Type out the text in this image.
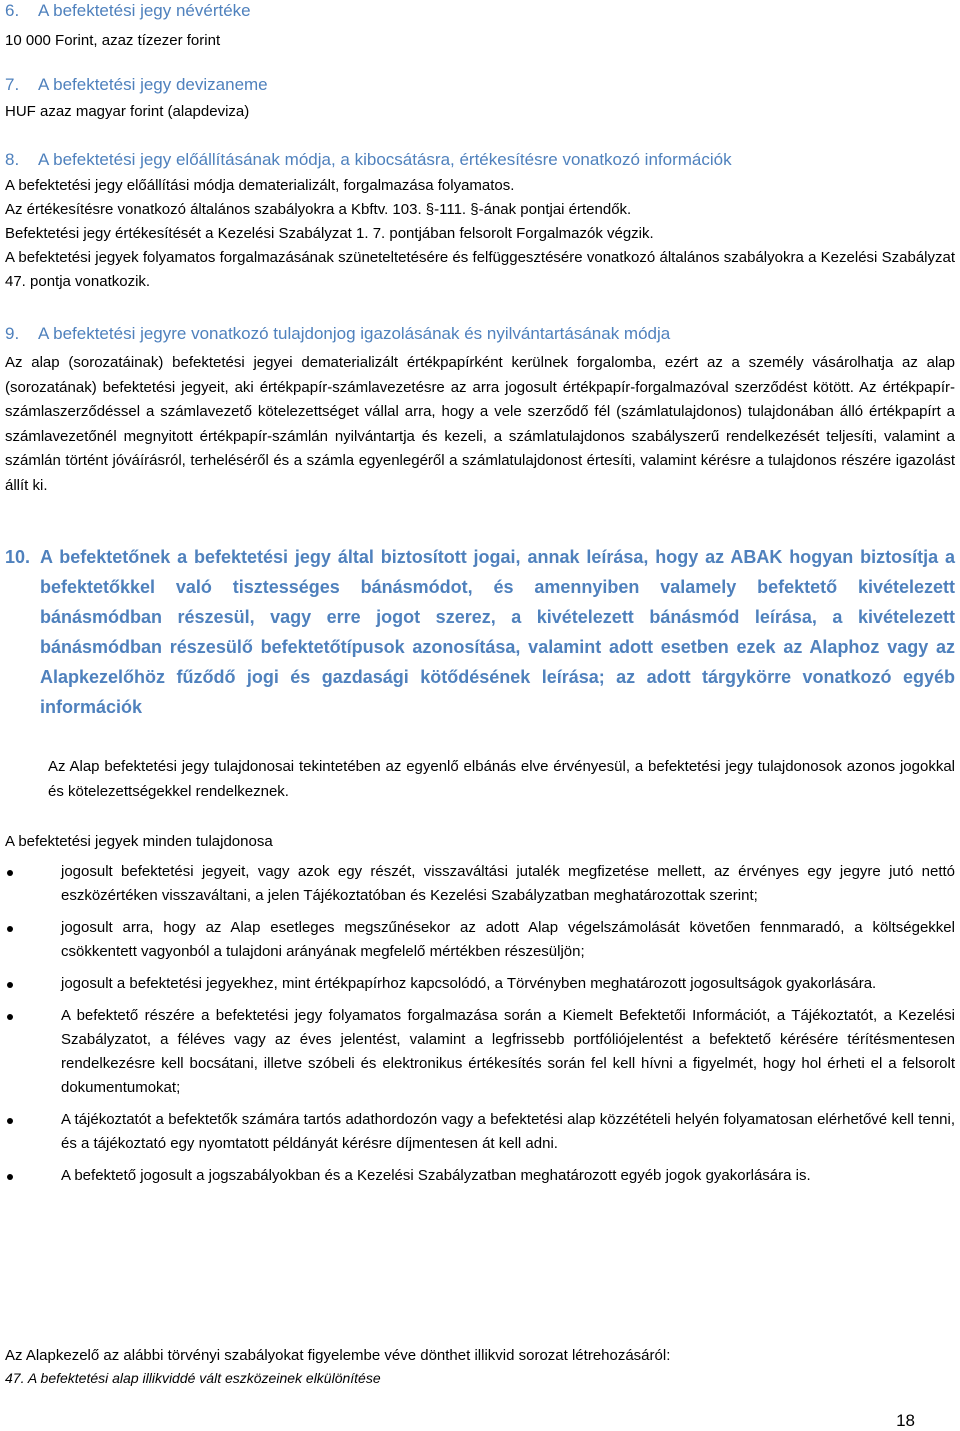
6. A befektetési jegy névértéke

10 000 Forint, azaz tízezer forint

7. A befektetési jegy devizaneme

HUF azaz magyar forint (alapdeviza)

8. A befektetési jegy előállításának módja, a kibocsátásra, értékesítésre vonatkozó információk

A befektetési jegy előállítási módja dematerializált, forgalmazása folyamatos.

Az értékesítésre vonatkozó általános szabályokra a Kbftv. 103. §-111. §-ának pontjai értendők.

Befektetési jegy értékesítését a Kezelési Szabályzat 1. 7. pontjában felsorolt Forgalmazók végzik.

A befektetési jegyek folyamatos forgalmazásának szüneteltetésére és felfüggesztésére vonatkozó általános szabályokra a Kezelési Szabályzat 47. pontja vonatkozik.

9. A befektetési jegyre vonatkozó tulajdonjog igazolásának és nyilvántartásának módja

Az alap (sorozatáinak) befektetési jegyei dematerializált értékpapírként kerülnek forgalomba, ezért az a személy vásárolhatja az alap (sorozatának) befektetési jegyeit, aki értékpapír-számlavezetésre az arra jogosult értékpapír-forgalmazóval szerződést kötött. Az értékpapír-számlaszerződéssel a számlavezető kötelezettséget vállal arra, hogy a vele szerződő fél (számlatulajdonos) tulajdonában álló értékpapírt a számlavezetőnél megnyitott értékpapír-számlán nyilvántartja és kezeli, a számlatulajdonos szabályszerű rendelkezését teljesíti, valamint a számlán történt jóváírásról, terheléséről és a számla egyenlegéről a számlatulajdonost értesíti, valamint kérésre a tulajdonos részére igazolást állít ki.

10. A befektetőnek a befektetési jegy által biztosított jogai, annak leírása, hogy az ABAK hogyan biztosítja a befektetőkkel való tisztességes bánásmódot, és amennyiben valamely befektető kivételezett bánásmódban részesül, vagy erre jogot szerez, a kivételezett bánásmód leírása, a kivételezett bánásmódban részesülő befektetőtípusok azonosítása, valamint adott esetben ezek az Alaphoz vagy az Alapkezelőhöz fűződő jogi és gazdasági kötődésének leírása; az adott tárgykörre vonatkozó egyéb információk

Az Alap befektetési jegy tulajdonosai tekintetében az egyenlő elbánás elve érvényesül, a befektetési jegy tulajdonosok azonos jogokkal és kötelezettségekkel rendelkeznek.

A befektetési jegyek minden tulajdonosa

jogosult befektetési jegyeit, vagy azok egy részét, visszaváltási jutalék megfizetése mellett, az érvényes egy jegyre jutó nettó eszközértéken visszaváltani, a jelen Tájékoztatóban és Kezelési Szabályzatban meghatározottak szerint;
jogosult arra, hogy az Alap esetleges megszűnésekor az adott Alap végelszámolását követően fennmaradó, a költségekkel csökkentett vagyonból a tulajdoni arányának megfelelő mértékben részesüljön;
jogosult a befektetési jegyekhez, mint értékpapírhoz kapcsolódó, a Törvényben meghatározott jogosultságok gyakorlására.
A befektető részére a befektetési jegy folyamatos forgalmazása során a Kiemelt Befektetői Információt, a Tájékoztatót, a Kezelési Szabályzatot, a féléves vagy az éves jelentést, valamint a legfrissebb portfóliójelentést a befektető kérésére térítésmentesen rendelkezésre kell bocsátani, illetve szóbeli és elektronikus értékesítés során fel kell hívni a figyelmét, hogy hol érheti el a felsorolt dokumentumokat;
A tájékoztatót a befektetők számára tartós adathordozón vagy a befektetési alap közzétételi helyén folyamatosan elérhetővé kell tenni, és a tájékoztató egy nyomtatott példányát kérésre díjmentesen át kell adni.
A befektető jogosult a jogszabályokban és a Kezelési Szabályzatban meghatározott egyéb jogok gyakorlására is.

Az Alapkezelő az alábbi törvényi szabályokat figyelembe véve dönthet illikvid sorozat létrehozásáról:

47. A befektetési alap illikviddé vált eszközeinek elkülönítése
18
